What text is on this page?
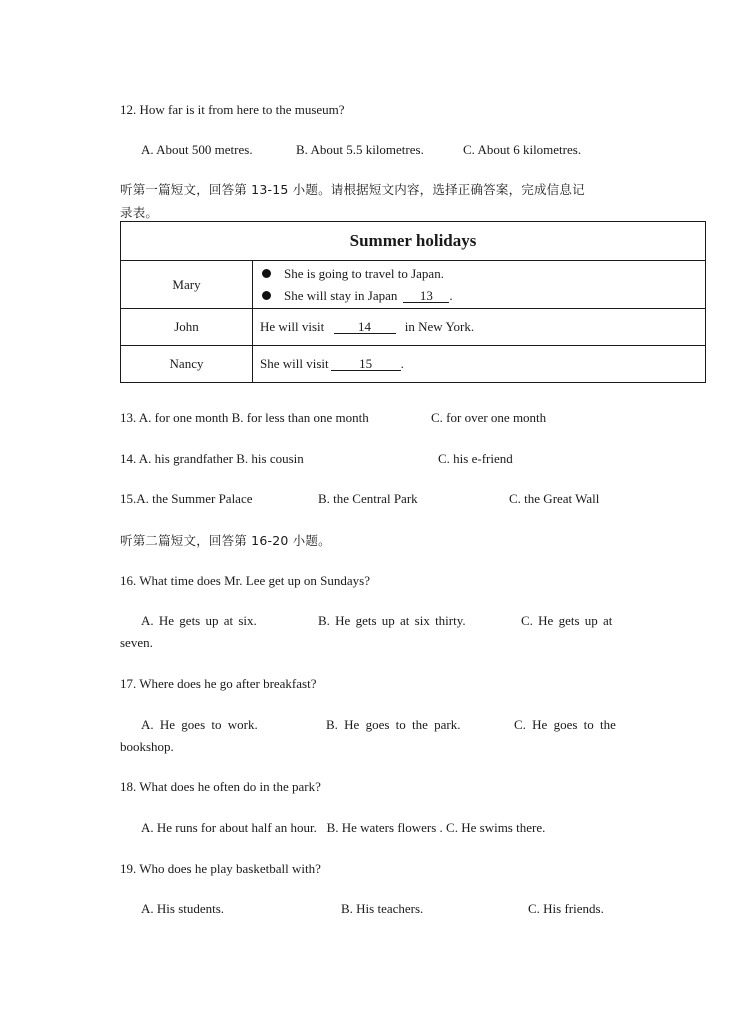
12. How far is it from here to the museum?
A. About 500 metres.	B. About 5.5 kilometres.	C. About 6 kilometres.
听第一篇短文，回答第 13-15 小题。请根据短文内容，选择正确答案，完成信息记
录表。
Summer holidays	
Mary	She is going to travel to Japan.
She will stay in Japan 13 .

John	He will visit 14 in New York.
Nancy	She will visit 15 .
13. A. for one month B. for less than one month	C. for over one month
14. A. his grandfather B. his cousin	C. his e-friend
15.A. the Summer Palace	B. the Central Park	C. the Great Wall
听第二篇短文，回答第 16-20 小题。
16. What time does Mr. Lee get up on Sundays?
A. He gets up at six.	B. He gets up at six thirty.	C. He gets up at
seven.
17. Where does he go after breakfast?
A. He goes to work.	B. He goes to the park.	C. He goes to the
bookshop.
18. What does he often do in the park?
A. He runs for about half an hour.   B. He waters flowers . C. He swims there.
19. Who does he play basketball with?
A. His students.	B. His teachers.	C. His friends.
